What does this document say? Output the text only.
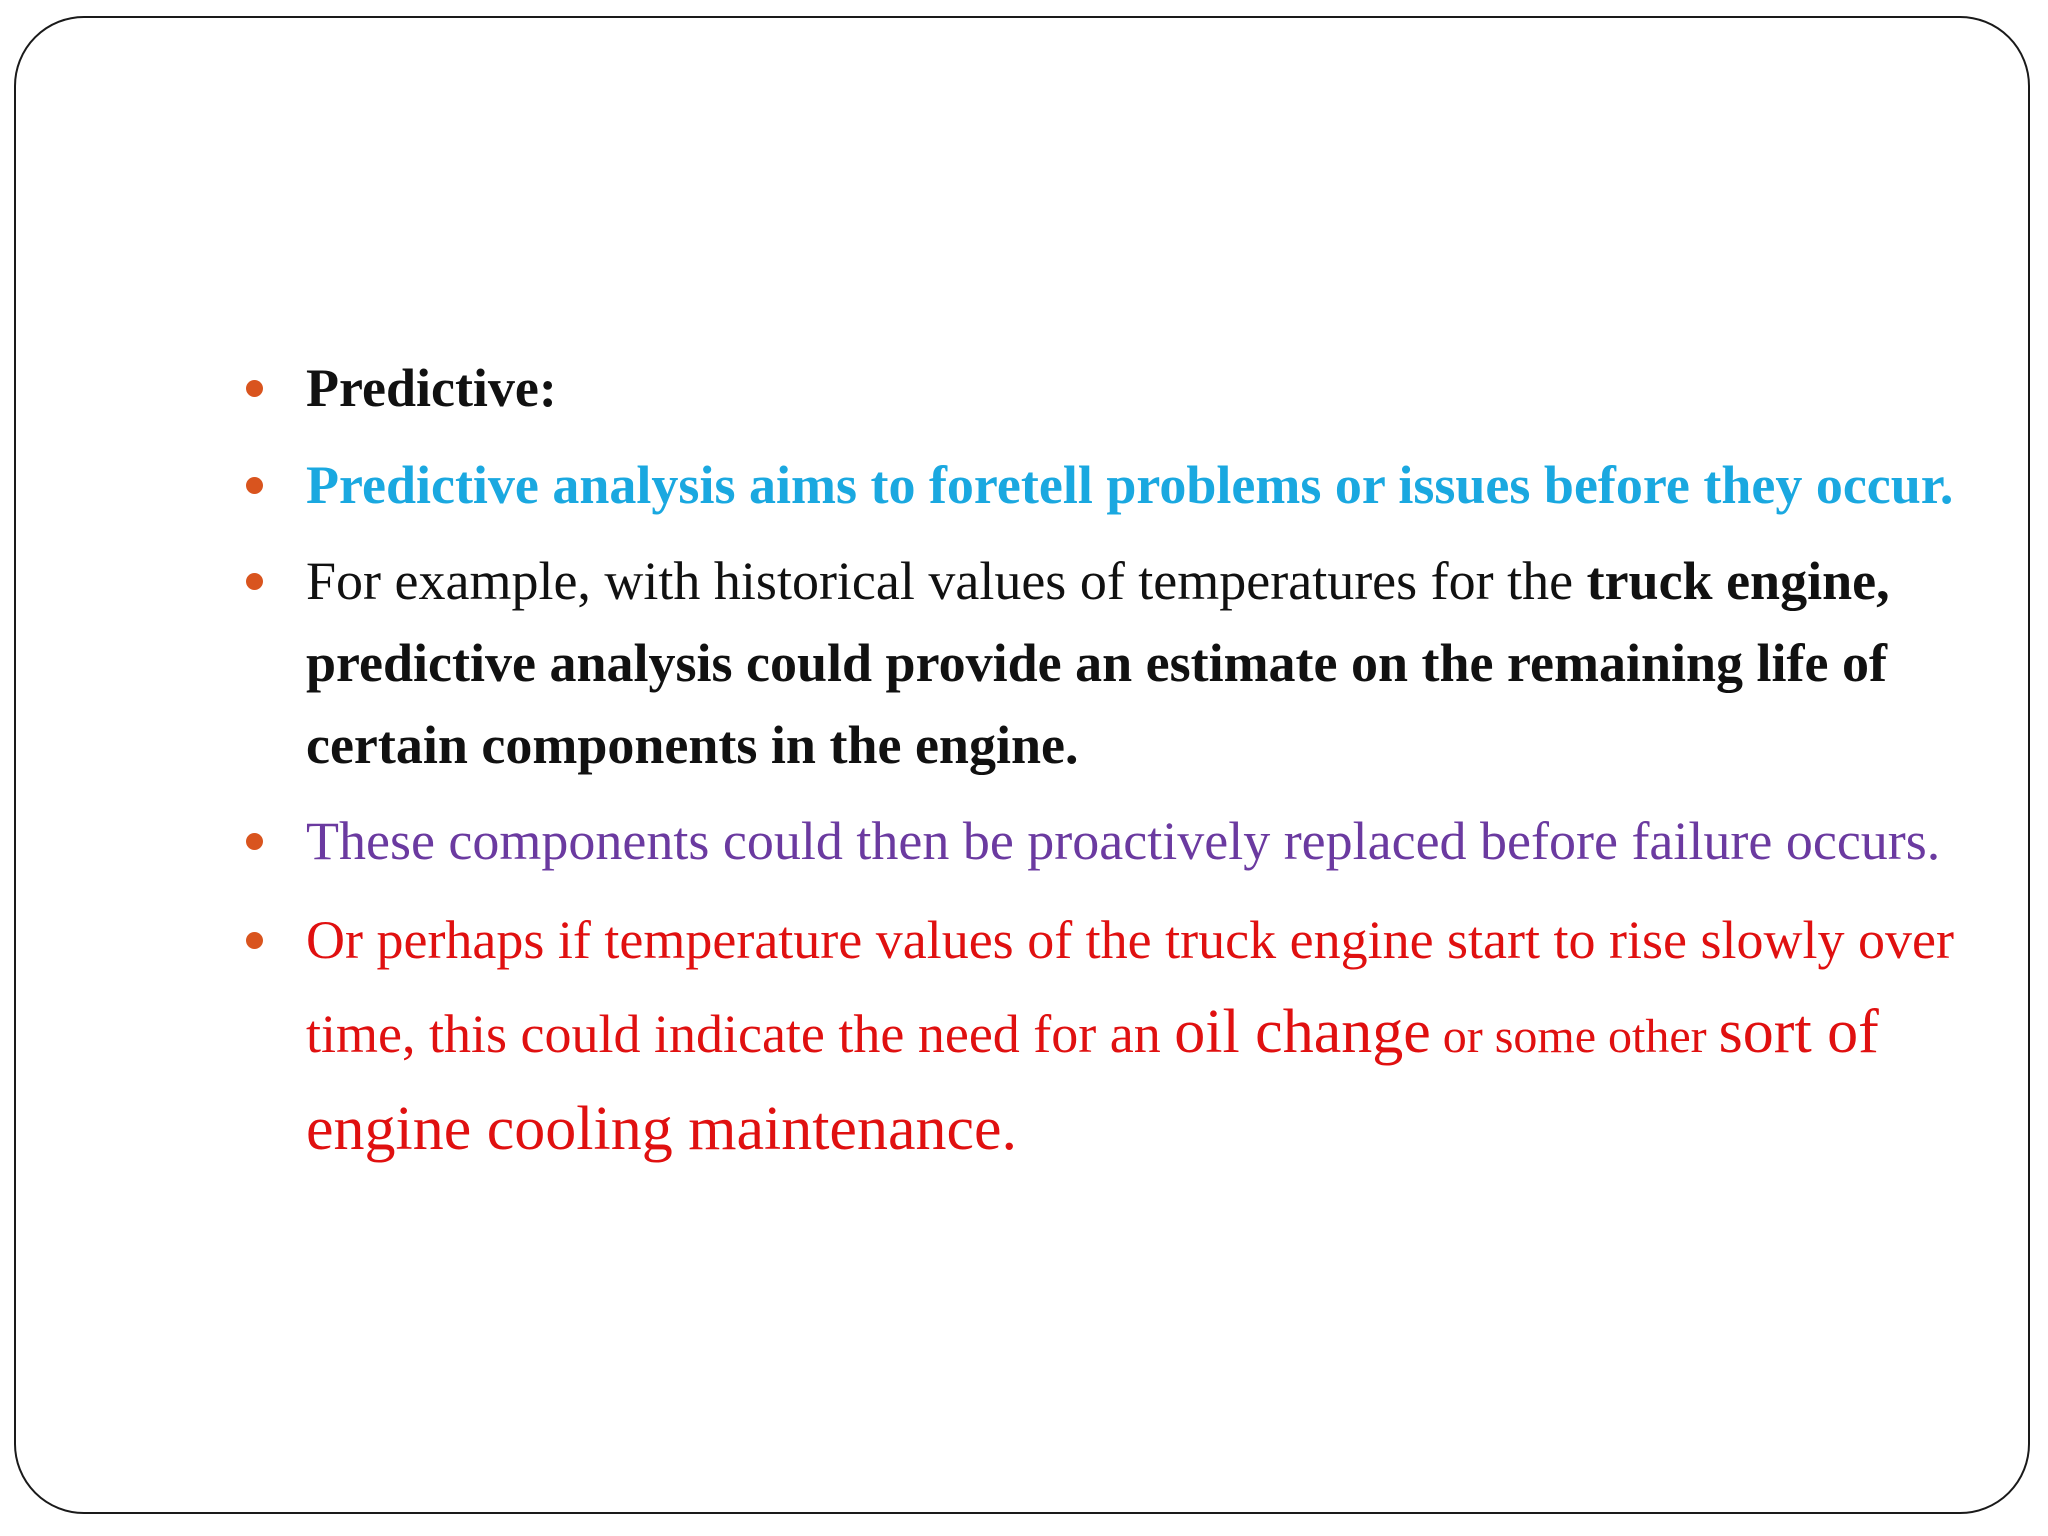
Predictive:
Predictive analysis aims to foretell problems or issues before they occur.
For example, with historical values of temperatures for the truck engine, predictive analysis could provide an estimate on the remaining life of certain components in the engine.
These components could then be proactively replaced before failure occurs.
Or perhaps if temperature values of the truck engine start to rise slowly over time, this could indicate the need for an oil change or some other sort of engine cooling maintenance.
